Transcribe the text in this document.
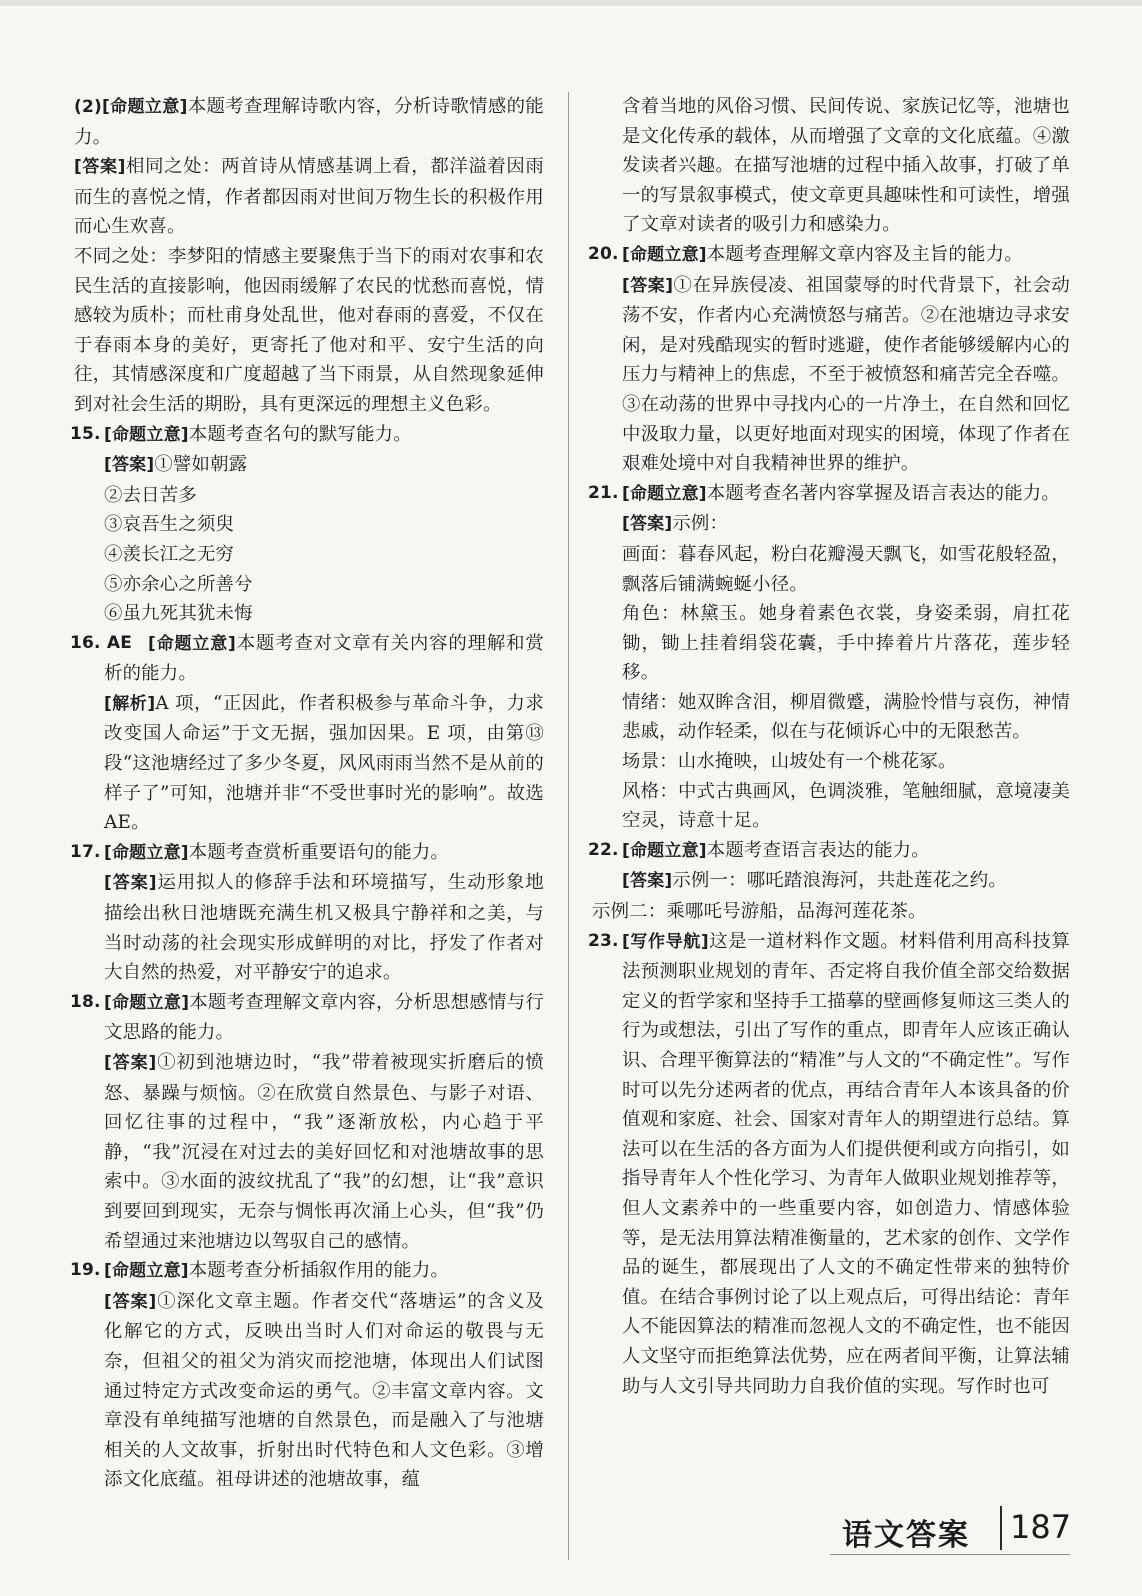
(2)[命题立意]本题考查理解诗歌内容，分析诗歌情感的能力。

[答案]相同之处：两首诗从情感基调上看，都洋溢着因雨而生的喜悦之情，作者都因雨对世间万物生长的积极作用而心生欢喜。

不同之处：李梦阳的情感主要聚焦于当下的雨对农事和农民生活的直接影响，他因雨缓解了农民的忧愁而喜悦，情感较为质朴；而杜甫身处乱世，他对春雨的喜爱，不仅在于春雨本身的美好，更寄托了他对和平、安宁生活的向往，其情感深度和广度超越了当下雨景，从自然现象延伸到对社会生活的期盼，具有更深远的理想主义色彩。

15. [命题立意]本题考查名句的默写能力。

[答案]①譬如朝露

②去日苦多

③哀吾生之须臾

④羡长江之无穷

⑤亦余心之所善兮

⑥虽九死其犹未悔

16. AE [命题立意]本题考查对文章有关内容的理解和赏析的能力。

[解析]A 项，“正因此，作者积极参与革命斗争，力求改变国人命运”于文无据，强加因果。E 项，由第⑬段“这池塘经过了多少冬夏，风风雨雨当然不是从前的样子了”可知，池塘并非“不受世事时光的影响”。故选 AE。

17. [命题立意]本题考查赏析重要语句的能力。

[答案]运用拟人的修辞手法和环境描写，生动形象地描绘出秋日池塘既充满生机又极具宁静祥和之美，与当时动荡的社会现实形成鲜明的对比，抒发了作者对大自然的热爱，对平静安宁的追求。

18. [命题立意]本题考查理解文章内容，分析思想感情与行文思路的能力。

[答案]①初到池塘边时，“我”带着被现实折磨后的愤怒、暴躁与烦恼。②在欣赏自然景色、与影子对语、回忆往事的过程中，“我”逐渐放松，内心趋于平静，“我”沉浸在对过去的美好回忆和对池塘故事的思索中。③水面的波纹扰乱了“我”的幻想，让“我”意识到要回到现实，无奈与惆怅再次涌上心头，但“我”仍希望通过来池塘边以驾驭自己的感情。

19. [命题立意]本题考查分析插叙作用的能力。

[答案]①深化文章主题。作者交代“落塘运”的含义及化解它的方式，反映出当时人们对命运的敬畏与无奈，但祖父的祖父为消灾而挖池塘，体现出人们试图通过特定方式改变命运的勇气。②丰富文章内容。文章没有单纯描写池塘的自然景色，而是融入了与池塘相关的人文故事，折射出时代特色和人文色彩。③增添文化底蕴。祖母讲述的池塘故事，蕴

含着当地的风俗习惯、民间传说、家族记忆等，池塘也是文化传承的载体，从而增强了文章的文化底蕴。④激发读者兴趣。在描写池塘的过程中插入故事，打破了单一的写景叙事模式，使文章更具趣味性和可读性，增强了文章对读者的吸引力和感染力。

20. [命题立意]本题考查理解文章内容及主旨的能力。

[答案]①在异族侵凌、祖国蒙辱的时代背景下，社会动荡不安，作者内心充满愤怒与痛苦。②在池塘边寻求安闲，是对残酷现实的暂时逃避，使作者能够缓解内心的压力与精神上的焦虑，不至于被愤怒和痛苦完全吞噬。③在动荡的世界中寻找内心的一片净土，在自然和回忆中汲取力量，以更好地面对现实的困境，体现了作者在艰难处境中对自我精神世界的维护。

21. [命题立意]本题考查名著内容掌握及语言表达的能力。

[答案]示例：

画面：暮春风起，粉白花瓣漫天飘飞，如雪花般轻盈，飘落后铺满蜿蜒小径。

角色：林黛玉。她身着素色衣裳，身姿柔弱，肩扛花锄，锄上挂着绢袋花囊，手中捧着片片落花，莲步轻移。

情绪：她双眸含泪，柳眉微蹙，满脸怜惜与哀伤，神情悲戚，动作轻柔，似在与花倾诉心中的无限愁苦。

场景：山水掩映，山坡处有一个桃花冢。

风格：中式古典画风，色调淡雅，笔触细腻，意境凄美空灵，诗意十足。

22. [命题立意]本题考查语言表达的能力。

[答案]示例一：哪吒踏浪海河，共赴莲花之约。

示例二：乘哪吒号游船，品海河莲花茶。

23. [写作导航]这是一道材料作文题。材料借利用高科技算法预测职业规划的青年、否定将自我价值全部交给数据定义的哲学家和坚持手工描摹的壁画修复师这三类人的行为或想法，引出了写作的重点，即青年人应该正确认识、合理平衡算法的“精准”与人文的“不确定性”。写作时可以先分述两者的优点，再结合青年人本该具备的价值观和家庭、社会、国家对青年人的期望进行总结。算法可以在生活的各方面为人们提供便利或方向指引，如指导青年人个性化学习、为青年人做职业规划推荐等，但人文素养中的一些重要内容，如创造力、情感体验等，是无法用算法精准衡量的，艺术家的创作、文学作品的诞生，都展现出了人文的不确定性带来的独特价值。在结合事例讨论了以上观点后，可得出结论：青年人不能因算法的精准而忽视人文的不确定性，也不能因人文坚守而拒绝算法优势，应在两者间平衡，让算法辅助与人文引导共同助力自我价值的实现。写作时也可

语文答案 187
